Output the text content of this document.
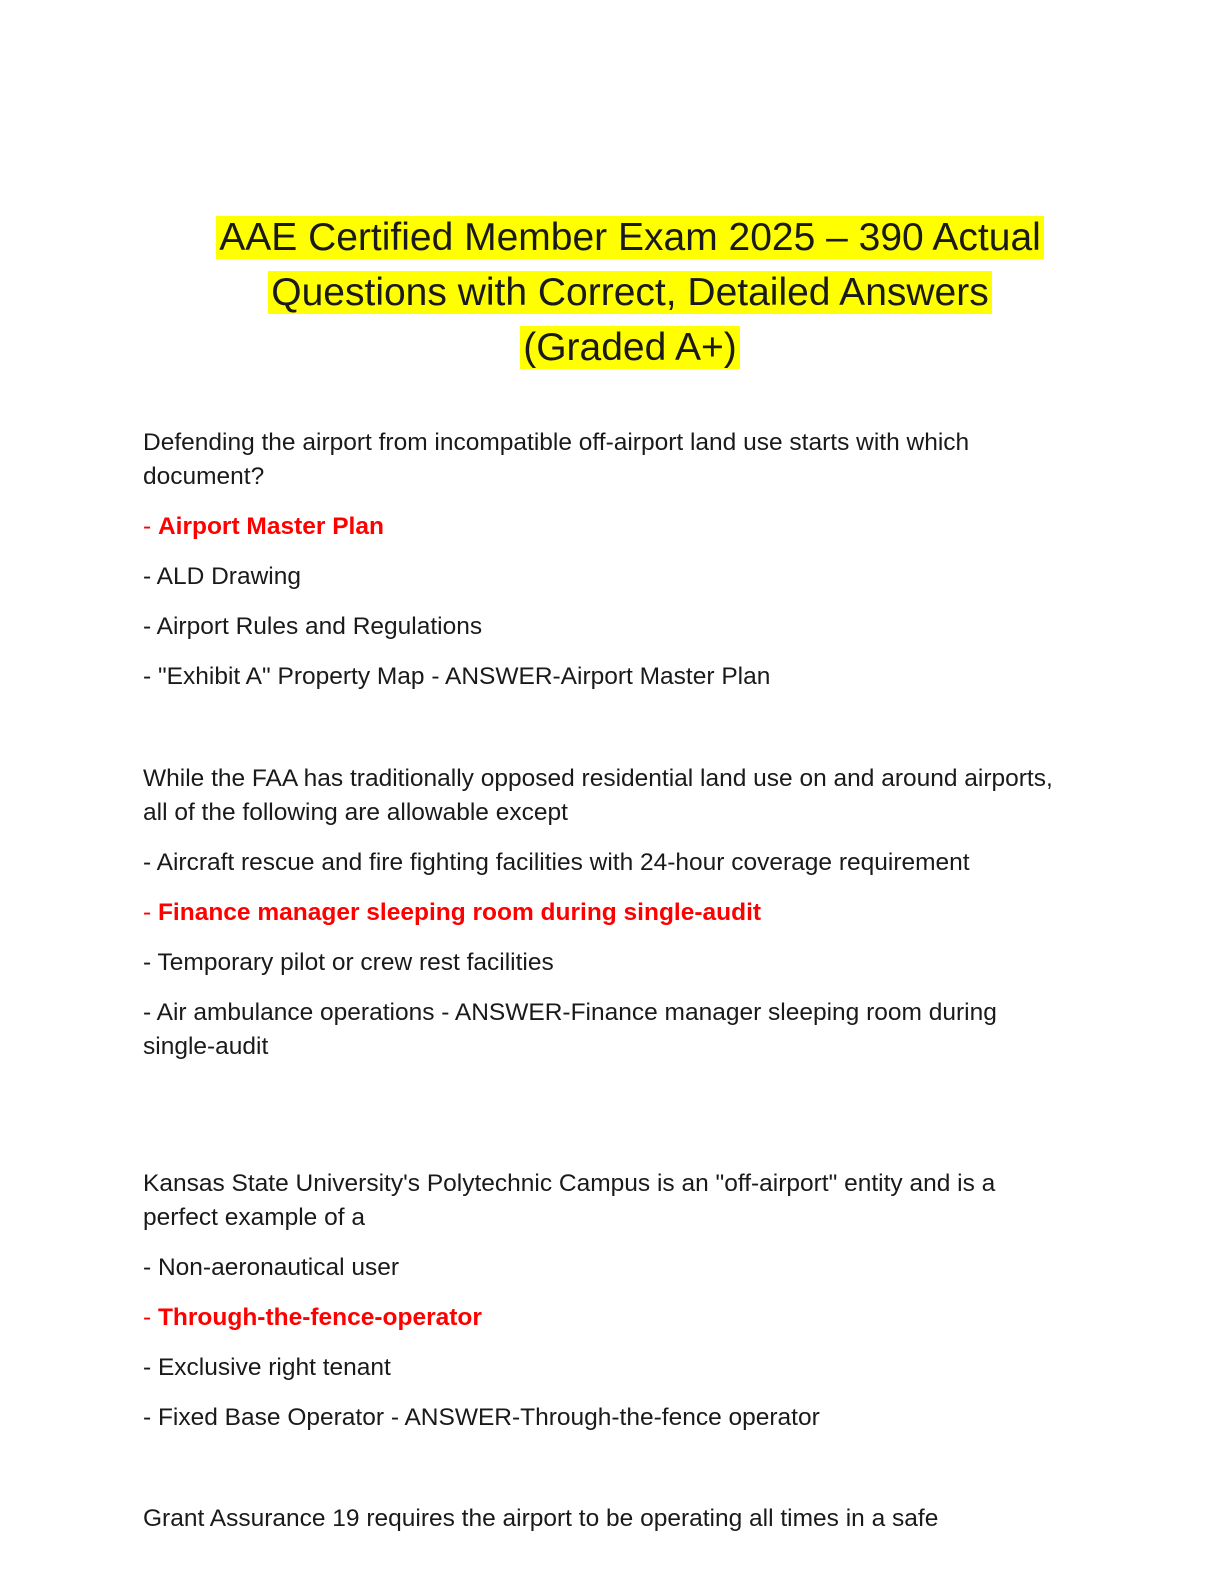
AAE Certified Member Exam 2025 – 390 Actual
Questions with Correct, Detailed Answers
(Graded A+)
Defending the airport from incompatible off-airport land use starts with which document?
- Airport Master Plan
- ALD Drawing
- Airport Rules and Regulations
- "Exhibit A" Property Map - ANSWER-Airport Master Plan
While the FAA has traditionally opposed residential land use on and around airports, all of the following are allowable except
- Aircraft rescue and fire fighting facilities with 24-hour coverage requirement
- Finance manager sleeping room during single-audit
- Temporary pilot or crew rest facilities
- Air ambulance operations - ANSWER-Finance manager sleeping room during single-audit
Kansas State University's Polytechnic Campus is an "off-airport" entity and is a perfect example of a
- Non-aeronautical user
- Through-the-fence-operator
- Exclusive right tenant
- Fixed Base Operator - ANSWER-Through-the-fence operator
Grant Assurance 19 requires the airport to be operating all times in a safe
